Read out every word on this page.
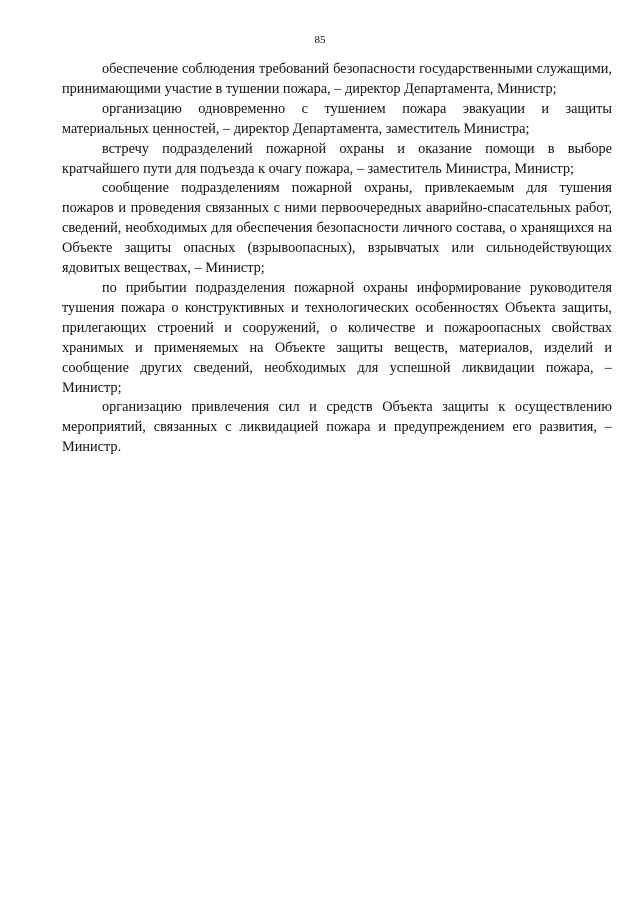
85

обеспечение соблюдения требований безопасности государственными служащими, принимающими участие в тушении пожара, – директор Департамента, Министр;

организацию одновременно с тушением пожара эвакуации и защиты материальных ценностей, – директор Департамента, заместитель Министра;

встречу подразделений пожарной охраны и оказание помощи в выборе кратчайшего пути для подъезда к очагу пожара, – заместитель Министра, Министр;

сообщение подразделениям пожарной охраны, привлекаемым для тушения пожаров и проведения связанных с ними первоочередных аварийно-спасательных работ, сведений, необходимых для обеспечения безопасности личного состава, о хранящихся на Объекте защиты опасных (взрывоопасных), взрывчатых или сильнодействующих ядовитых веществах, – Министр;

по прибытии подразделения пожарной охраны информирование руководителя тушения пожара о конструктивных и технологических особенностях Объекта защиты, прилегающих строений и сооружений, о количестве и пожароопасных свойствах хранимых и применяемых на Объекте защиты веществ, материалов, изделий и сообщение других сведений, необходимых для успешной ликвидации пожара, – Министр;

организацию привлечения сил и средств Объекта защиты к осуществлению мероприятий, связанных с ликвидацией пожара и предупреждением его развития, – Министр.
